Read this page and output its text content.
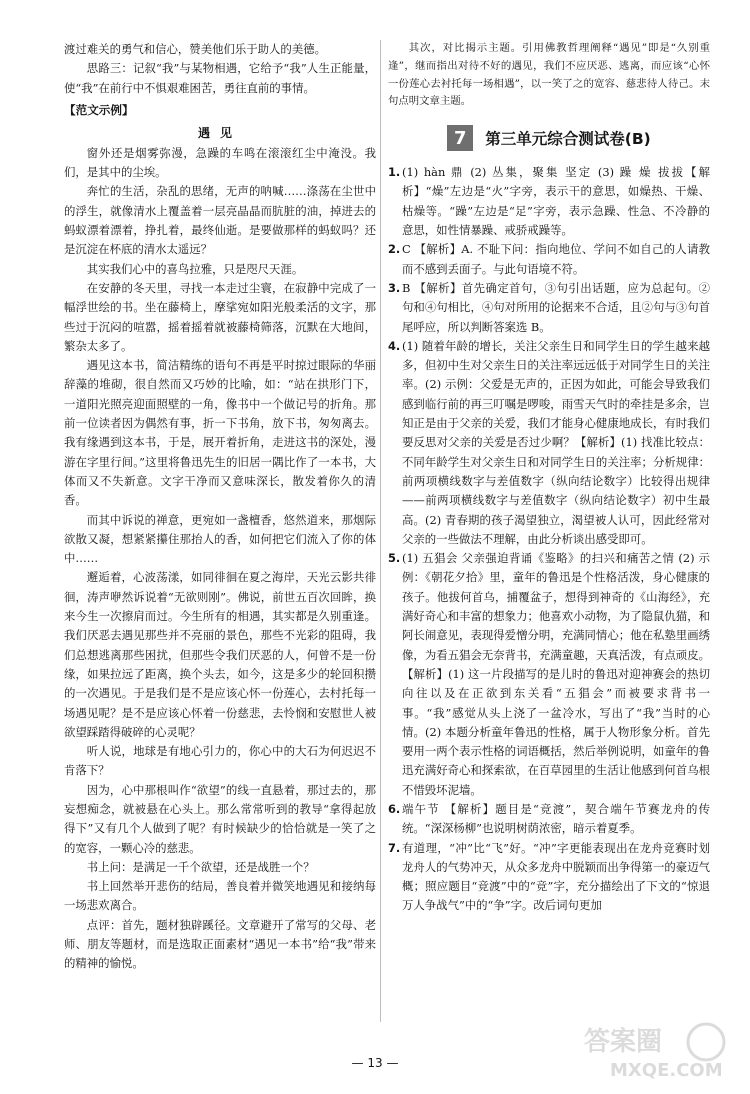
渡过难关的勇气和信心，赞美他们乐于助人的美德。

思路三：记叙“我”与某物相遇，它给予“我”人生正能量，使“我”在前行中不惧艰难困苦，勇往直前的事情。

【范文示例】

遇见

窗外还是烟雾弥漫，急躁的车鸣在滚滚红尘中淹没。我们，是其中的尘埃。

奔忙的生活，杂乱的思绪，无声的呐喊……涤荡在尘世中的浮生，就像清水上覆盖着一层亮晶晶而肮脏的油，掉进去的蚂蚁漂着漂着，挣扎着，最终仙逝。是要做那样的蚂蚁吗？还是沉淀在杯底的清水太遥远？

其实我们心中的喜鸟拉雅，只是咫尺天涯。

在安静的冬天里，寻找一本走过尘寰，在寂静中完成了一幅浮世绘的书。坐在藤椅上，摩挲宛如阳光般柔活的文字，那些过于沉闷的喧嚣，摇着摇着就被藤椅筛落，沉默在大地间，繁杂太多了。

遇见这本书，简洁精练的语句不再是平时掠过眼际的华丽辞藻的堆砌，很自然而又巧妙的比喻，如：“站在拱形门下，一道阳光照亮迎面照壁的一角，像书中一个做记号的折角。那前一位读者因为偶然有事，折一下书角，放下书，匆匆离去。我有缘遇到这本书，于是，展开着折角，走进这书的深处，漫游在字里行间。”这里将鲁迅先生的旧居一隅比作了一本书，大体而又不失新意。文字干净而又意味深长，散发着你久的清香。

而其中诉说的禅意，更宛如一盏檀香，悠然道来，那烟际欲散又凝，想紧紧攥住那抬人的香，如何把它们流入了你的体中……

邂逅着，心波荡漾，如同徘徊在夏之海岸，天光云影共徘徊，涛声咿然诉说着“无欲则刚”。佛说，前世五百次回眸，换来今生一次擦肩而过。今生所有的相遇，其实都是久别重逢。我们厌恶去遇见那些并不亮丽的景色，那些不光彩的阻碍，我们总想逃离那些困扰，但那些令我们厌恶的人，何曾不是一份缘，如果拉远了距离，换个头去，如今，这是多少的轮回积攒的一次遇见。于是我们是不是应该心怀一份莲心，去村托每一场遇见呢？是不是应该心怀着一份慈悲，去怜悯和安慰世人被欲望踩踏得破碎的心灵呢？

听人说，地球是有地心引力的，你心中的大石为何迟迟不肯落下？

因为，心中那根叫作“欲望”的线一直悬着，那过去的，那妄想痴念，就被悬在心头上。那么常常听到的教导“拿得起放得下”又有几个人做到了呢？有时候缺少的恰恰就是一笑了之的宽容，一颗心冷的慈悲。

书上问：是满足一千个欲望，还是战胜一个？

书上回然举开悲伤的结局，善良着并微笑地遇见和接纳每一场悲欢离合。

点评：首先，题材独辟蹊径。文章避开了常写的父母、老师、朋友等题材，而是选取正面素材“遇见一本书”给“我”带来的精神的愉悦。

其次，对比揭示主题。引用佛教哲理阐释“遇见”即是“久别重逢”，继而指出对待不好的遇见，我们不应厌恶、逃离，而应该“心怀一份莲心去衬托每一场相遇”，以一笑了之的宽容、慈悲待人待己。末句点明文章主题。

7	第三单元综合测试卷(B)
1. (1) hàn 鼎 (2) 丛集，聚集 坚定 (3) 躁 燥 拔拔【解析】“燥”左边是“火”字旁，表示干的意思，如燥热、干燥、枯燥等。“躁”左边是“足”字旁，表示急躁、性急、不冷静的意思，如性情暴躁、戒骄戒躁等。

2. C 【解析】A. 不耻下问：指向地位、学问不如自己的人请教而不感到丢面子。与此句语境不符。

3. B 【解析】首先确定首句，③句引出话题，应为总起句。②句和④句相比，④句对所用的论据来不合适，且②句与③句首尾呼应，所以判断答案选 B。

4. (1) 随着年龄的增长，关注父亲生日和同学生日的学生越来越多，但初中生对父亲生日的关注率远远低于对同学生日的关注率。(2) 示例：父爱是无声的，正因为如此，可能会导致我们感到临行前的再三叮嘱是啰唆，雨雪天气时的牵挂是多余，岂知正是由于父亲的关爱，我们才能身心健康地成长，有时我们要反思对父亲的关爱是否过少啊？【解析】(1) 找准比较点：不同年龄学生对父亲生日和对同学生日的关注率；分析规律：前两项横线数字与差值数字（纵向结论数字）比较得出规律——前两项横线数字与差值数字（纵向结论数字）初中生最高。(2) 青春期的孩子渴望独立，渴望被人认可，因此经常对父亲的一些做法不理解，由此分析谈出感受即可。

5. (1) 五猖会 父亲强迫背诵《鉴略》的扫兴和痛苦之情 (2) 示例：《朝花夕拾》里，童年的鲁迅是个性格活泼，身心健康的孩子。他拔何首乌，捕覆盆子，想得到神奇的《山海经》，充满好奇心和丰富的想象力；他喜欢小动物，为了隐鼠仇猫，和阿长闹意见，表现得爱憎分明，充满同情心；他在私塾里画绣像，为看五猖会无奈背书，充满童趣，天真活泼，有点顽皮。【解析】(1) 这一片段描写的是儿时的鲁迅对迎神赛会的热切向往以及在正欲到东关看“五猖会”而被要求背书一事。“我”感觉从头上浇了一盆冷水，写出了“我”当时的心情。(2) 本题分析童年鲁迅的性格，属于人物形象分析。首先要用一两个表示性格的词语概括，然后举例说明，如童年的鲁迅充满好奇心和探索欲，在百草园里的生活让他感到何首乌根不惜毁坏泥墙。

6. 端午节 【解析】题目是“竞渡”，契合端午节赛龙舟的传统。“深深杨柳”也说明树荫浓密，暗示着夏季。

7. 有道理，“冲”比“飞”好。“冲”字更能表现出在龙舟竞赛时划龙舟人的气势冲天，从众多龙舟中脱颖而出争得第一的豪迈气概；照应题目“竞渡”中的“竞”字，充分描绘出了下文的“惊退万人争战气”中的“争”字。改后词句更加

— 13 —
答案圈
MXQE.COM
